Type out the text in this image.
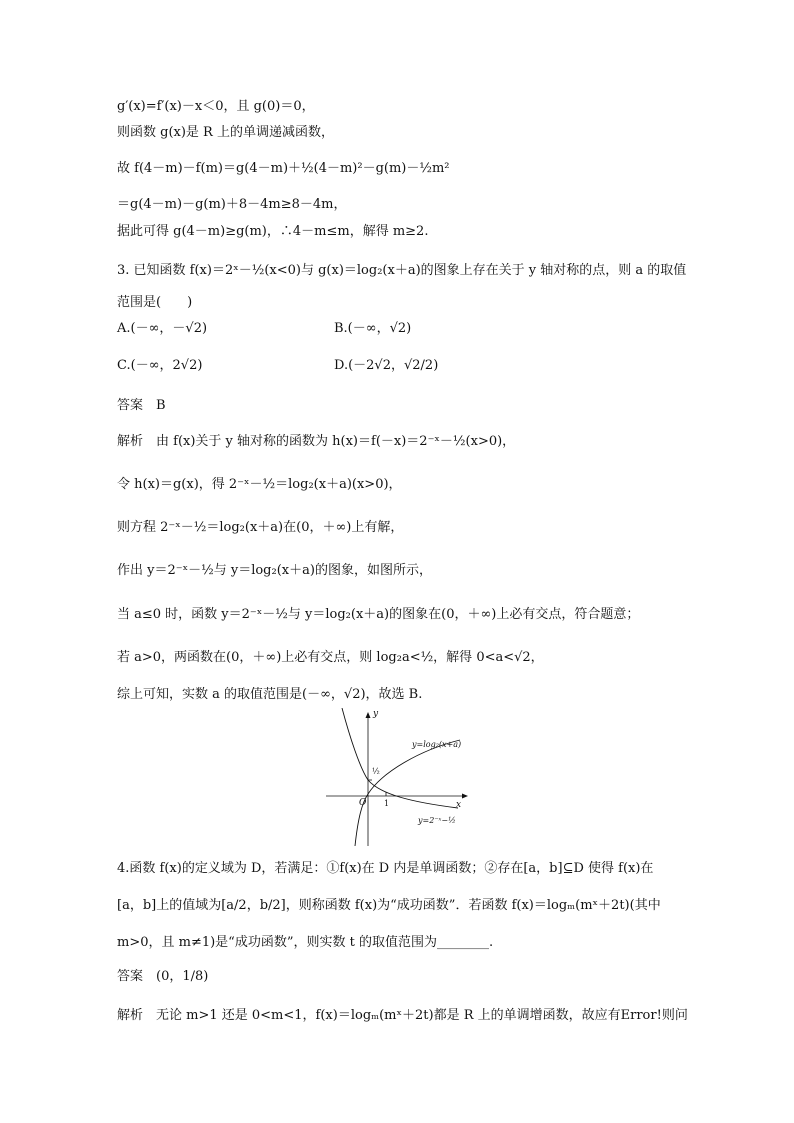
g′(x)=f′(x)－x＜0，且 g(0)＝0，
则函数 g(x)是 R 上的单调递减函数，
故 f(4－m)－f(m)＝g(4－m)＋½(4－m)²－g(m)－½m²
＝g(4－m)－g(m)＋8－4m≥8－4m，
据此可得 g(4－m)≥g(m)，∴4－m≤m，解得 m≥2.
3. 已知函数 f(x)＝2ˣ－½(x<0)与 g(x)＝log₂(x＋a)的图象上存在关于 y 轴对称的点，则 a 的取值
范围是(　　)
A.(－∞，－√2)	B.(－∞，√2)
C.(－∞，2√2)	D.(－2√2，√2/2)
答案　B
解析　由 f(x)关于 y 轴对称的函数为 h(x)＝f(－x)＝2⁻ˣ－½(x>0)，
令 h(x)＝g(x)，得 2⁻ˣ－½＝log₂(x＋a)(x>0)，
则方程 2⁻ˣ－½＝log₂(x＋a)在(0，＋∞)上有解，
作出 y＝2⁻ˣ－½与 y＝log₂(x＋a)的图象，如图所示，
当 a≤0 时，函数 y＝2⁻ˣ－½与 y＝log₂(x＋a)的图象在(0，＋∞)上必有交点，符合题意；
若 a>0，两函数在(0，＋∞)上必有交点，则 log₂a<½，解得 0<a<√2，
综上可知，实数 a 的取值范围是(－∞，√2)，故选 B.
y
x
O
½
1
y=log₂(x+a)
y=2⁻ˣ−½
4.函数 f(x)的定义域为 D，若满足：①f(x)在 D 内是单调函数；②存在[a，b]⊆D 使得 f(x)在
[a，b]上的值域为[a/2，b/2]，则称函数 f(x)为“成功函数”．若函数 f(x)＝logₘ(mˣ＋2t)(其中
m>0，且 m≠1)是“成功函数”，则实数 t 的取值范围为________.
答案　(0，1/8)
解析　无论 m>1 还是 0<m<1，f(x)＝logₘ(mˣ＋2t)都是 R 上的单调增函数，故应有Error!则问
